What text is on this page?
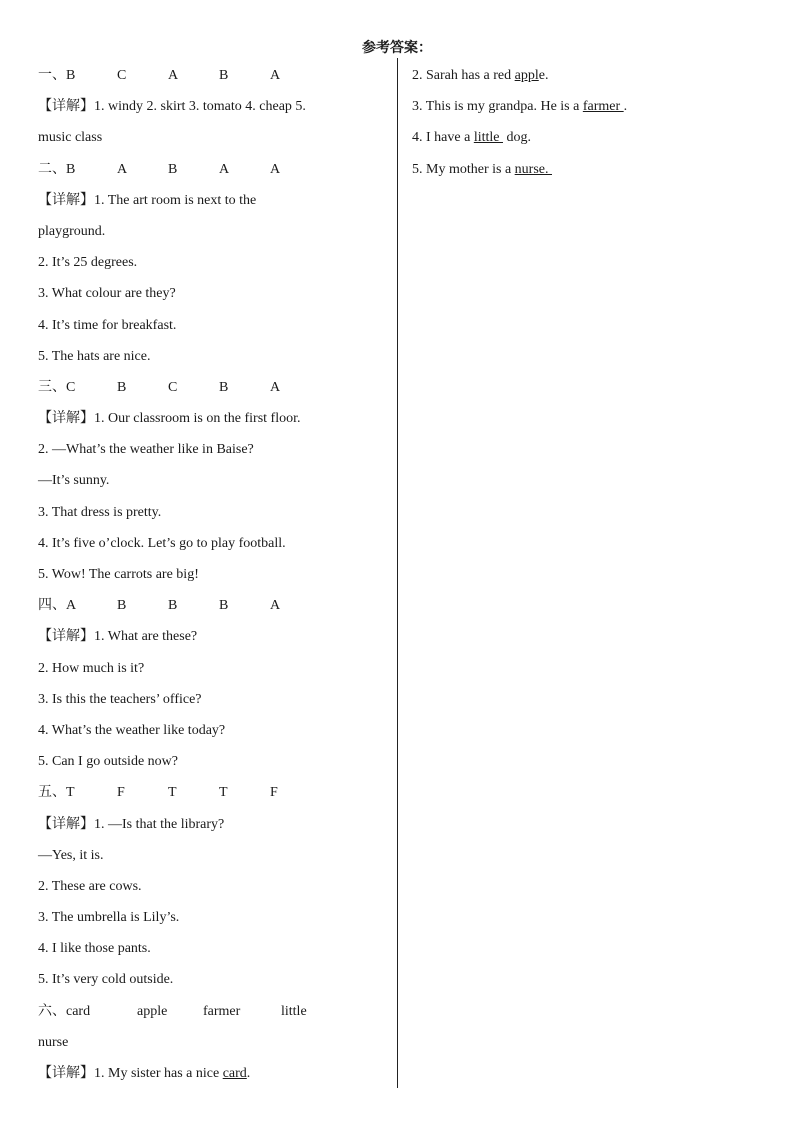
参考答案：
一、B	C	A	B	A
【详解】1. windy 2. skirt 3. tomato 4. cheap 5.
music class
二、B	A	B	A	A
【详解】1. The art room is next to the
playground.
2. It’s 25 degrees.
3. What colour are they?
4. It’s time for breakfast.
5. The hats are nice.
三、C	B	C	B	A
【详解】1. Our classroom is on the first floor.
2. —What’s the weather like in Baise?
—It’s sunny.
3. That dress is pretty.
4. It’s five o’clock. Let’s go to play football.
5. Wow! The carrots are big!
四、A	B	B	B	A
【详解】1. What are these?
2. How much is it?
3. Is this the teachers’ office?
4. What’s the weather like today?
5. Can I go outside now?
五、T	F	T	T	F
【详解】1. —Is that the library?
—Yes, it is.
2. These are cows.
3. The umbrella is Lily’s.
4. I like those pants.
5. It’s very cold outside.
六、card	apple	farmer	little
nurse
【详解】1. My sister has a nice card.
2. Sarah has a red apple.
3. This is my grandpa. He is a farmer .
4. I have a little  dog.
5. My mother is a nurse.
